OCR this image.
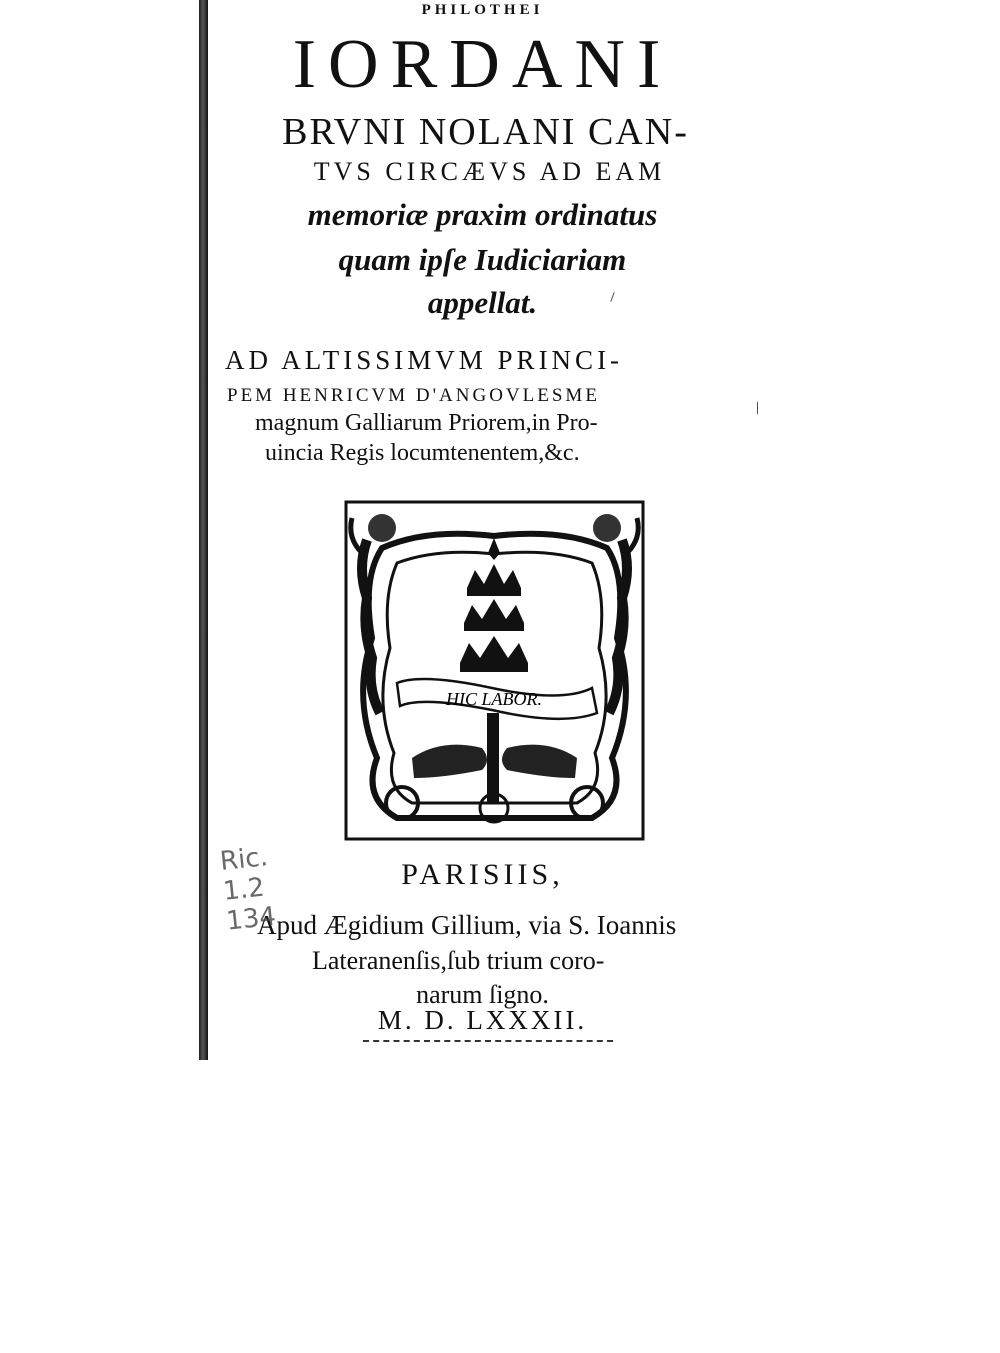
PHILOTHEI
IORDANI
BRVNI NOLANI CAN-
TVS CIRCÆVS AD EAM
memoriæ praxim ordinatus
quam ipſe Iudiciariam
appellat.
AD ALTISSIMVM PRINCI-
PEM HENRICVM D'ANGOVLESME
magnum Galliarum Priorem,in Pro-
uincia Regis locumtenentem,&c.
HIC LABOR.
PARISIIS,
Apud Ægidium Gillium, via S. Ioannis
Lateranenſis,ſub trium coro-
narum ſigno.
M. D. LXXXII.
Ric. 1.2
134
